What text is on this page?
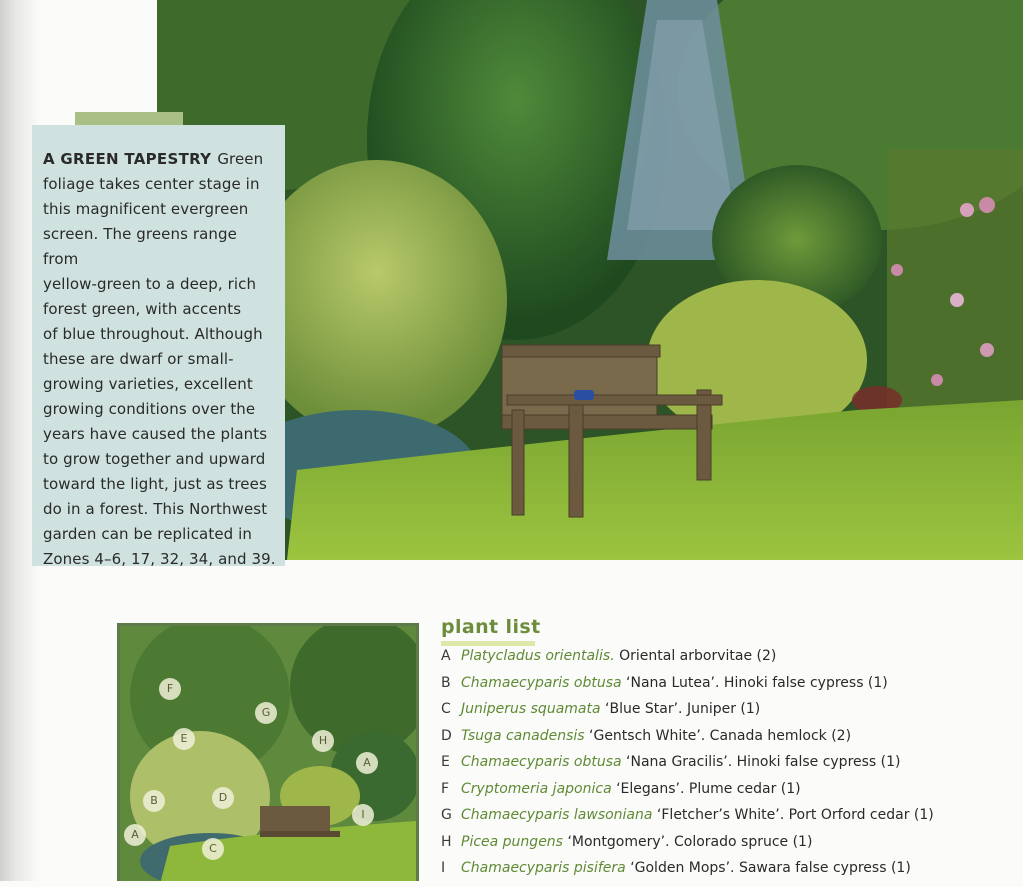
A GREEN TAPESTRY Green
foliage takes center stage in
this magnificent evergreen
screen. The greens range from
yellow-green to a deep, rich
forest green, with accents
of blue throughout. Although
these are dwarf or small-
growing varieties, excellent
growing conditions over the
years have caused the plants
to grow together and upward
toward the light, just as trees
do in a forest. This Northwest
garden can be replicated in
Zones 4–6, 17, 32, 34, and 39.
F
G
E	H
A
B	D
I
A
C
plant list
A Platycladus orientalis. Oriental arborvitae (2)
B Chamaecyparis obtusa ‘Nana Lutea’. Hinoki false cypress (1)
C Juniperus squamata ‘Blue Star’. Juniper (1)
D Tsuga canadensis ‘Gentsch White’. Canada hemlock (2)
E Chamaecyparis obtusa ‘Nana Gracilis’. Hinoki false cypress (1)
F Cryptomeria japonica ‘Elegans’. Plume cedar (1)
G Chamaecyparis lawsoniana ‘Fletcher’s White’. Port Orford cedar (1)
H Picea pungens ‘Montgomery’. Colorado spruce (1)
I Chamaecyparis pisifera ‘Golden Mops’. Sawara false cypress (1)
